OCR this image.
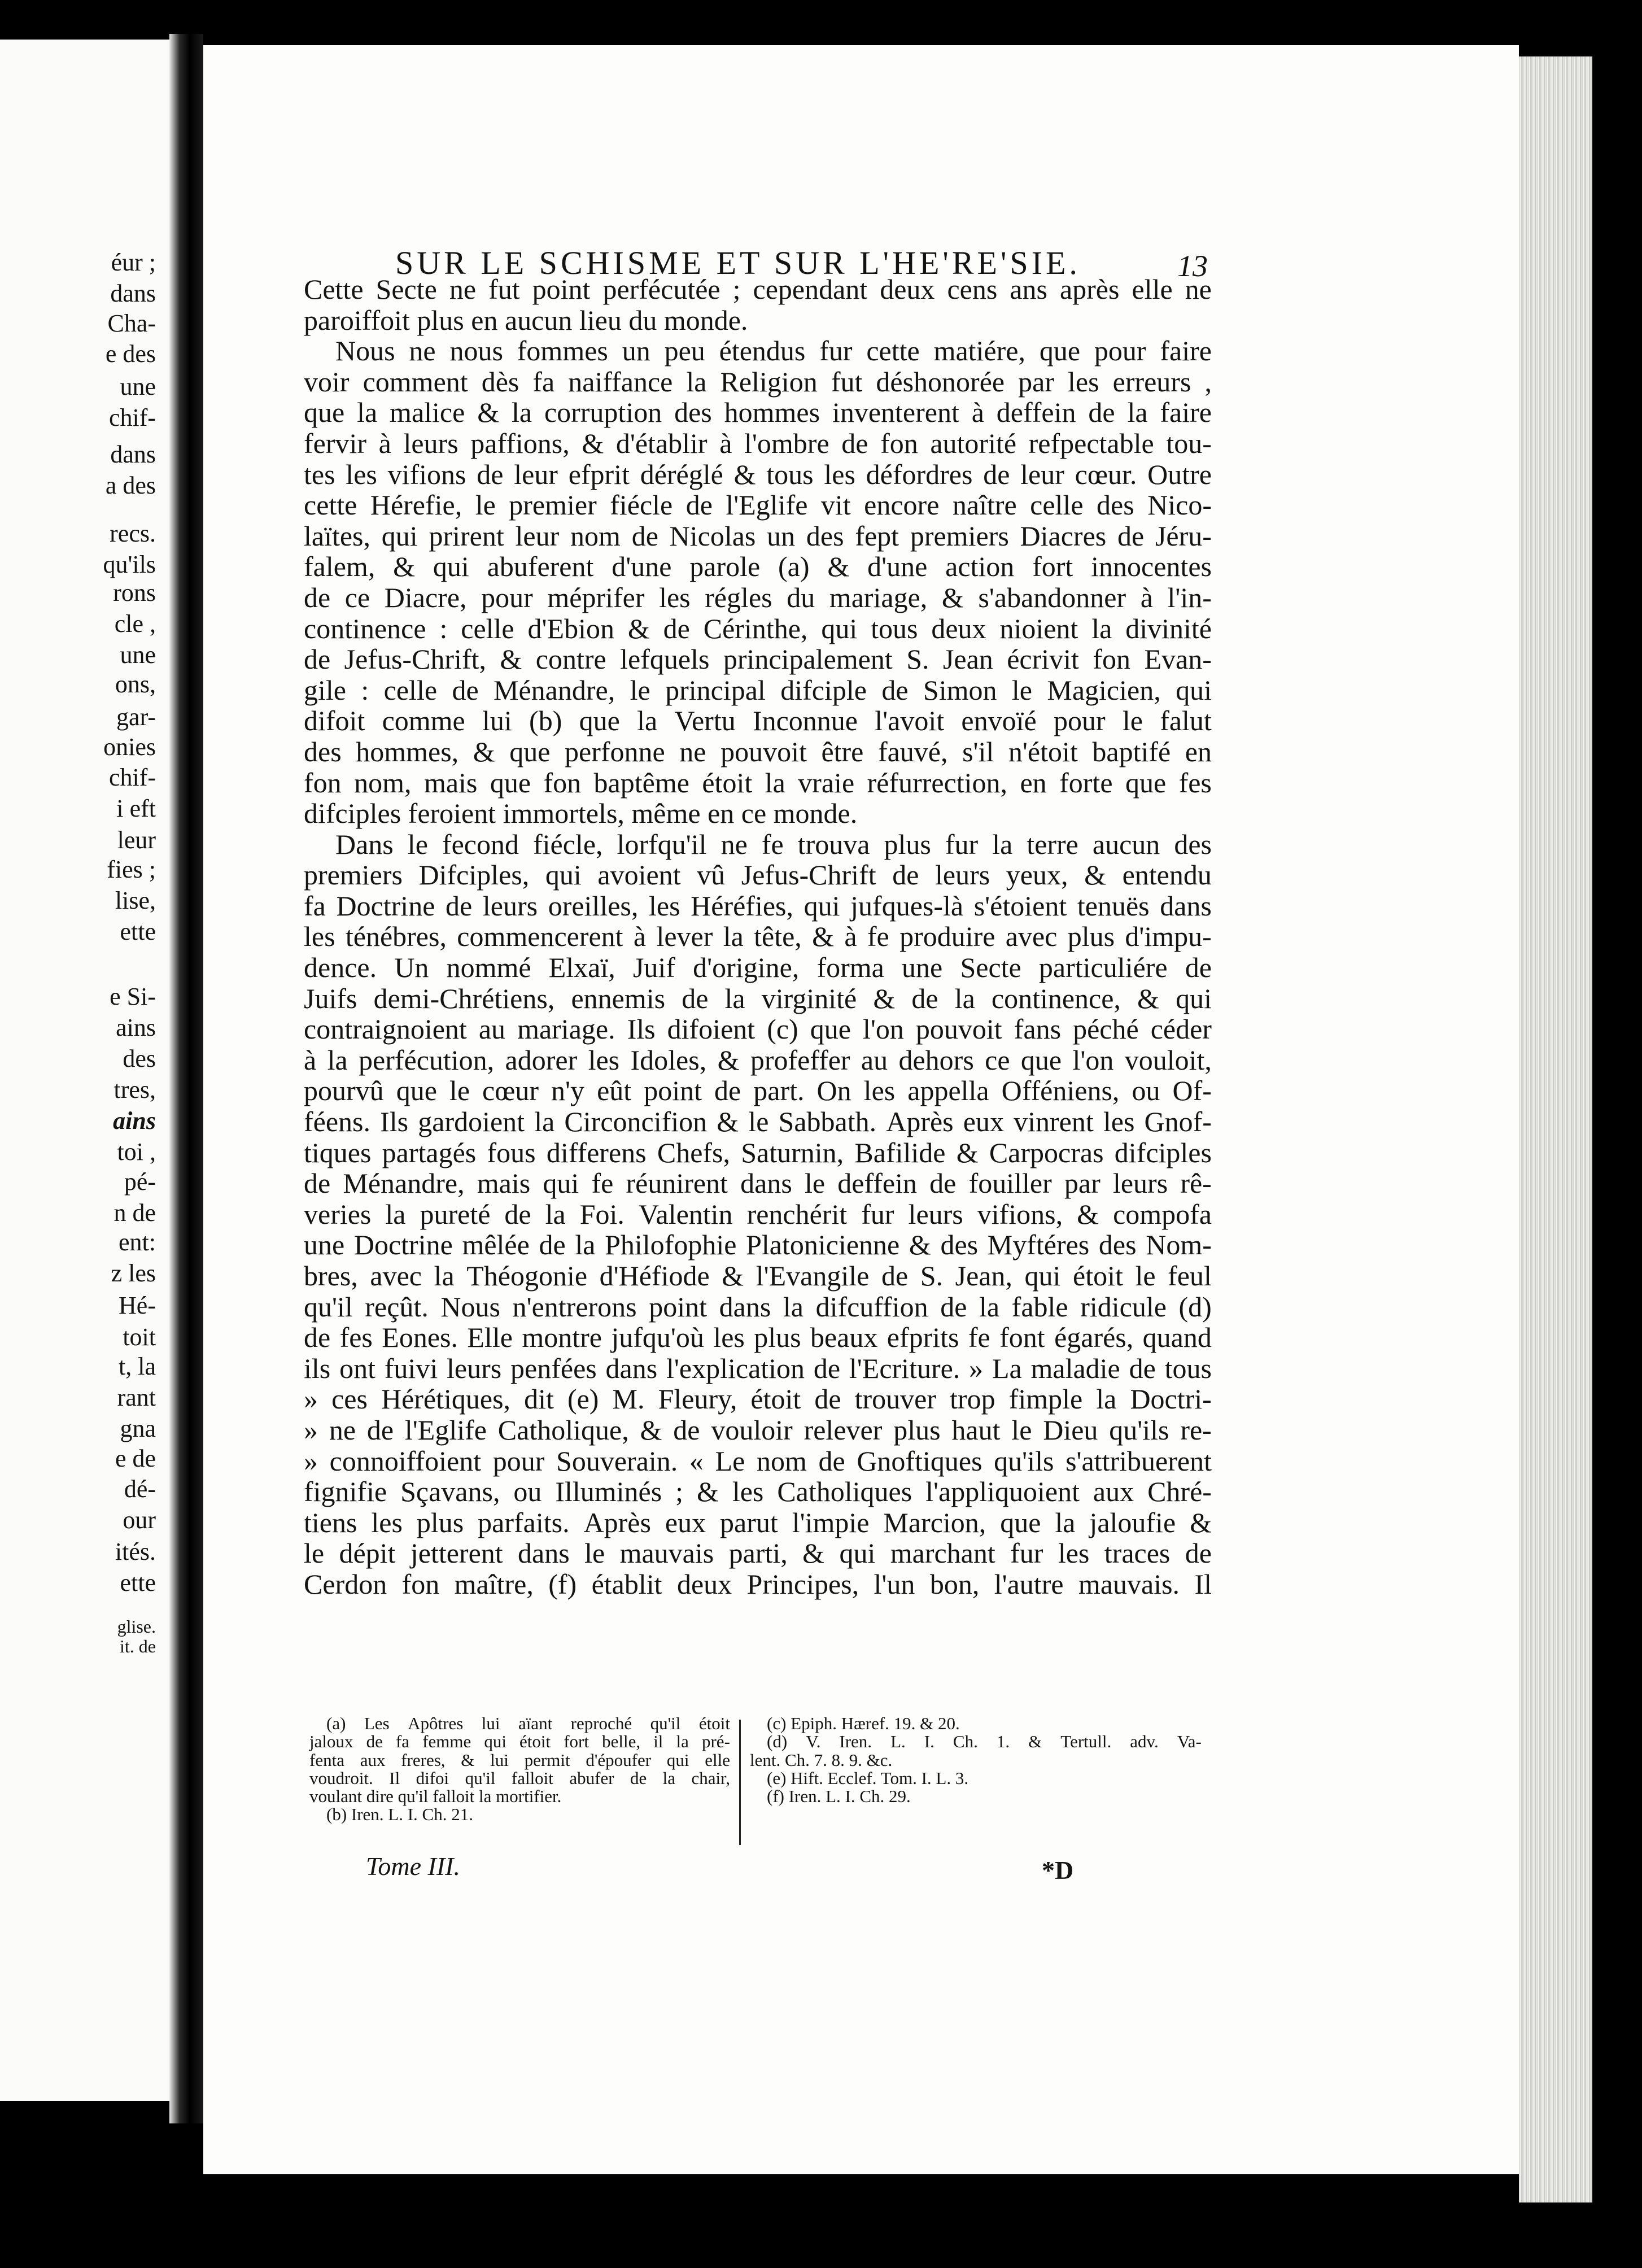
éur ;

dans

Cha-

e des

une

chif-

dans

a des

recs.

qu'ils

rons

cle ,

une

ons,

gar-

onies

chif-

i eft

leur

fies ;

lise,

ette

e Si-

ains

des

tres,

ains

toi ,

pé-

n de

ent:

z les

Hé-

toit

t, la

rant

gna

e de

dé-

our

ités.

ette

glise.

it. de

SUR LE SCHISME ET SUR L'HE'RE'SIE.	13
Cette Secte ne fut point perfécutée ; cependant deux cens ans après elle ne
paroiffoit plus en aucun lieu du monde.
Nous ne nous fommes un peu étendus fur cette matiére, que pour faire
voir comment dès fa naiffance la Religion fut déshonorée par les erreurs ,
que la malice & la corruption des hommes inventerent à deffein de la faire
fervir à leurs paffions, & d'établir à l'ombre de fon autorité refpectable tou-
tes les vifions de leur efprit déréglé & tous les défordres de leur cœur. Outre
cette Hérefie, le premier fiécle de l'Eglife vit encore naître celle des Nico-
laïtes, qui prirent leur nom de Nicolas un des fept premiers Diacres de Jéru-
falem, & qui abuferent d'une parole (a) & d'une action fort innocentes
de ce Diacre, pour méprifer les régles du mariage, & s'abandonner à l'in-
continence : celle d'Ebion & de Cérinthe, qui tous deux nioient la divinité
de Jefus-Chrift, & contre lefquels principalement S. Jean écrivit fon Evan-
gile : celle de Ménandre, le principal difciple de Simon le Magicien, qui
difoit comme lui (b) que la Vertu Inconnue l'avoit envoïé pour le falut
des hommes, & que perfonne ne pouvoit être fauvé, s'il n'étoit baptifé en
fon nom, mais que fon baptême étoit la vraie réfurrection, en forte que fes
difciples feroient immortels, même en ce monde.
Dans le fecond fiécle, lorfqu'il ne fe trouva plus fur la terre aucun des
premiers Difciples, qui avoient vû Jefus-Chrift de leurs yeux, & entendu
fa Doctrine de leurs oreilles, les Héréfies, qui jufques-là s'étoient tenuës dans
les ténébres, commencerent à lever la tête, & à fe produire avec plus d'impu-
dence. Un nommé Elxaï, Juif d'origine, forma une Secte particuliére de
Juifs demi-Chrétiens, ennemis de la virginité & de la continence, & qui
contraignoient au mariage. Ils difoient (c) que l'on pouvoit fans péché céder
à la perfécution, adorer les Idoles, & profeffer au dehors ce que l'on vouloit,
pourvû que le cœur n'y eût point de part. On les appella Offéniens, ou Of-
féens. Ils gardoient la Circoncifion & le Sabbath. Après eux vinrent les Gnof-
tiques partagés fous differens Chefs, Saturnin, Bafilide & Carpocras difciples
de Ménandre, mais qui fe réunirent dans le deffein de fouiller par leurs rê-
veries la pureté de la Foi. Valentin renchérit fur leurs vifions, & compofa
une Doctrine mêlée de la Philofophie Platonicienne & des Myftéres des Nom-
bres, avec la Théogonie d'Héfiode & l'Evangile de S. Jean, qui étoit le feul
qu'il reçût. Nous n'entrerons point dans la difcuffion de la fable ridicule (d)
de fes Eones. Elle montre jufqu'où les plus beaux efprits fe font égarés, quand
ils ont fuivi leurs penfées dans l'explication de l'Ecriture. » La maladie de tous
» ces Hérétiques, dit (e) M. Fleury, étoit de trouver trop fimple la Doctri-
» ne de l'Eglife Catholique, & de vouloir relever plus haut le Dieu qu'ils re-
» connoiffoient pour Souverain. « Le nom de Gnoftiques qu'ils s'attribuerent
fignifie Sçavans, ou Illuminés ; & les Catholiques l'appliquoient aux Chré-
tiens les plus parfaits. Après eux parut l'impie Marcion, que la jaloufie &
le dépit jetterent dans le mauvais parti, & qui marchant fur les traces de
Cerdon fon maître, (f) établit deux Principes, l'un bon, l'autre mauvais. Il
(a) Les Apôtres lui aïant reproché qu'il étoit
jaloux de fa femme qui étoit fort belle, il la pré-
fenta aux freres, & lui permit d'époufer qui elle
voudroit. Il difoi qu'il falloit abufer de la chair,
voulant dire qu'il falloit la mortifier.
(b) Iren. L. I. Ch. 21.
(c) Epiph. Hæref. 19. & 20.
(d) V. Iren. L. I. Ch. 1. & Tertull. adv. Va-
lent. Ch. 7. 8. 9. &c.
(e) Hift. Ecclef. Tom. I. L. 3.
(f) Iren. L. I. Ch. 29.
Tome III.	*D
